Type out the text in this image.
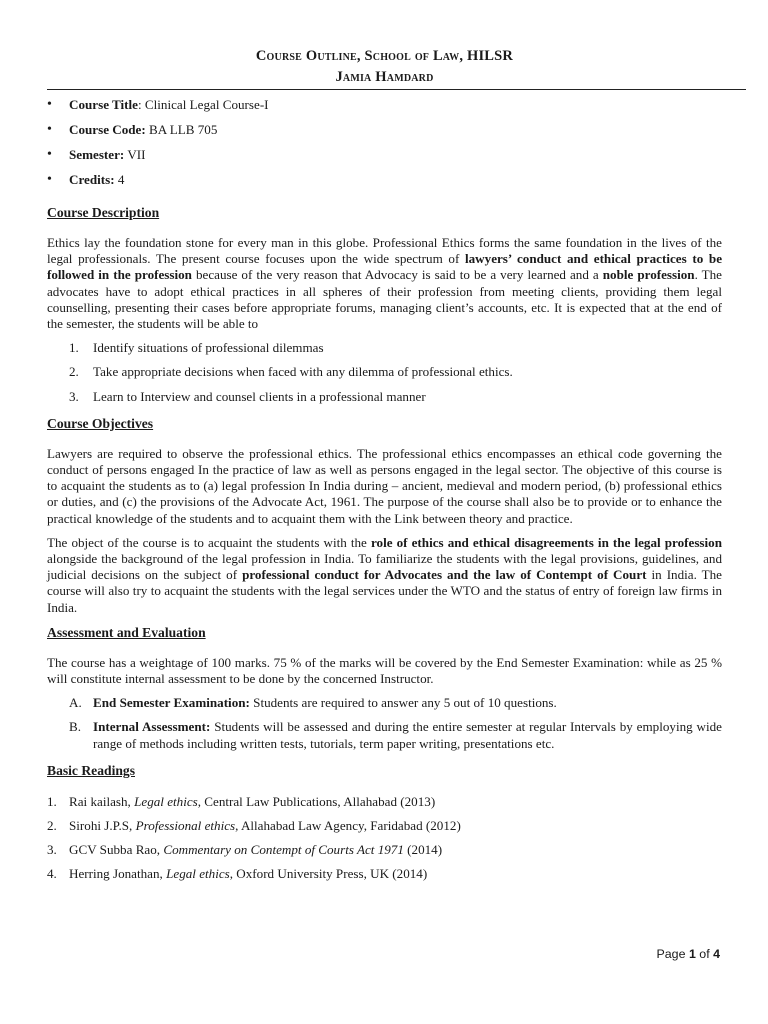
Course Outline, School of Law, HILSR
Jamia Hamdard
• Course Title: Clinical Legal Course-I
• Course Code: BA LLB 705
• Semester: VII
• Credits: 4
Course Description

Ethics lay the foundation stone for every man in this globe. Professional Ethics forms the same foundation in the lives of the legal professionals. The present course focuses upon the wide spectrum of lawyers’ conduct and ethical practices to be followed in the profession because of the very reason that Advocacy is said to be a very learned and a noble profession. The advocates have to adopt ethical practices in all spheres of their profession from meeting clients, providing them legal counselling, presenting their cases before appropriate forums, managing client’s accounts, etc. It is expected that at the end of the semester, the students will be able to

1. Identify situations of professional dilemmas
2. Take appropriate decisions when faced with any dilemma of professional ethics.
3. Learn to Interview and counsel clients in a professional manner
Course Objectives

Lawyers are required to observe the professional ethics. The professional ethics encompasses an ethical code governing the conduct of persons engaged In the practice of law as well as persons engaged in the legal sector. The objective of this course is to acquaint the students as to (a) legal profession In India during – ancient, medieval and modern period, (b) professional ethics or duties, and (c) the provisions of the Advocate Act, 1961. The purpose of the course shall also be to provide or to enhance the practical knowledge of the students and to acquaint them with the Link between theory and practice.

The object of the course is to acquaint the students with the role of ethics and ethical disagreements in the legal profession alongside the background of the legal profession in India. To familiarize the students with the legal provisions, guidelines, and judicial decisions on the subject of professional conduct for Advocates and the law of Contempt of Court in India. The course will also try to acquaint the students with the legal services under the WTO and the status of entry of foreign law firms in India.

Assessment and Evaluation

The course has a weightage of 100 marks. 75 % of the marks will be covered by the End Semester Examination: while as 25 % will constitute internal assessment to be done by the concerned Instructor.

A. End Semester Examination: Students are required to answer any 5 out of 10 questions.
B. Internal Assessment: Students will be assessed and during the entire semester at regular Intervals by employing wide range of methods including written tests, tutorials, term paper writing, presentations etc.
Basic Readings
1. Rai kailash, Legal ethics, Central Law Publications, Allahabad (2013)
2. Sirohi J.P.S, Professional ethics, Allahabad Law Agency, Faridabad (2012)
3. GCV Subba Rao, Commentary on Contempt of Courts Act 1971 (2014)
4. Herring Jonathan, Legal ethics, Oxford University Press, UK (2014)
Page 1 of 4
